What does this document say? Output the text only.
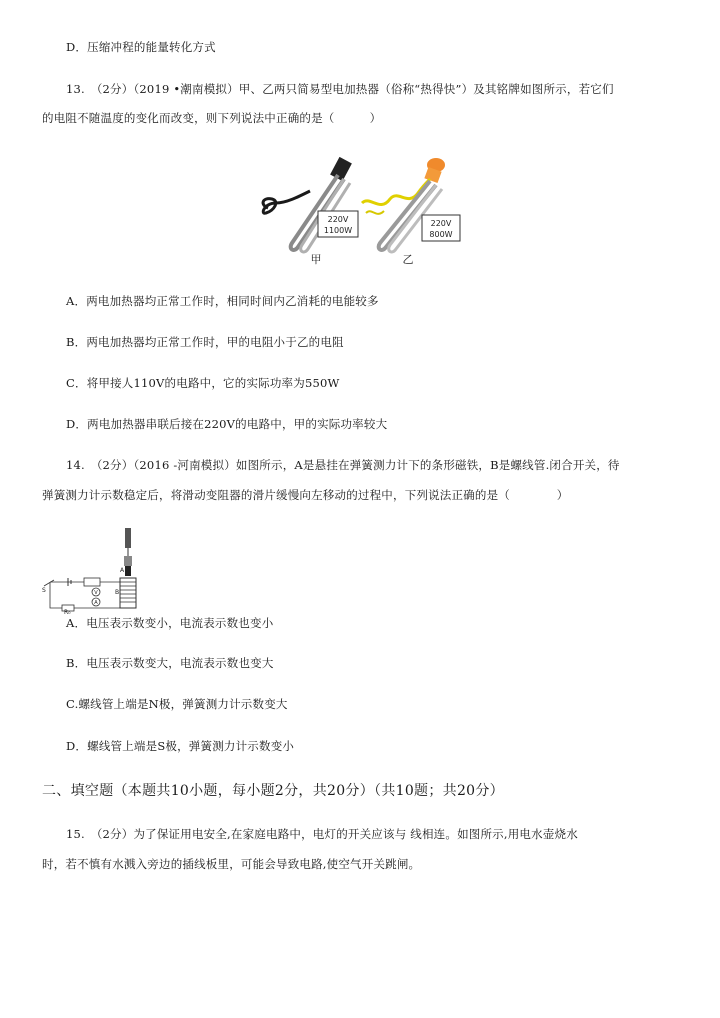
D．压缩冲程的能量转化方式
13.　（2分）（2019 •潮南模拟）甲、乙两只简易型电加热器（俗称“热得快”）及其铭牌如图所示，若它们
的电阻不随温度的变化而改变，则下列说法中正确的是（　　　）
220V
1100W
甲
220V
800W
乙
A．两电加热器均正常工作时，相同时间内乙消耗的电能较多
B．两电加热器均正常工作时，甲的电阻小于乙的电阻
C．将甲接人110V的电路中，它的实际功率为550W
D．两电加热器串联后接在220V的电路中，甲的实际功率较大
14.　（2分）（2016 -河南模拟）如图所示，A是悬挂在弹簧测力计下的条形磁铁，B是螺线管.闭合开关，待
弹簧测力计示数稳定后，将滑动变阻器的滑片缓慢向左移动的过程中，下列说法正确的是（　　　　）
A
B
S	V
A
R₀
A．电压表示数变小，电流表示数也变小
B．电压表示数变大，电流表示数也变大
C.螺线管上端是N极，弹簧测力计示数变大
D．螺线管上端是S极，弹簧测力计示数变小
二、填空题（本题共10小题，每小题2分，共20分）（共10题；共20分）
15.　（2分）为了保证用电安全,在家庭电路中，电灯的开关应该与 线相连。如图所示,用电水壶烧水
时，若不慎有水溅入旁边的插线板里，可能会导致电路,使空气开关跳闸。
